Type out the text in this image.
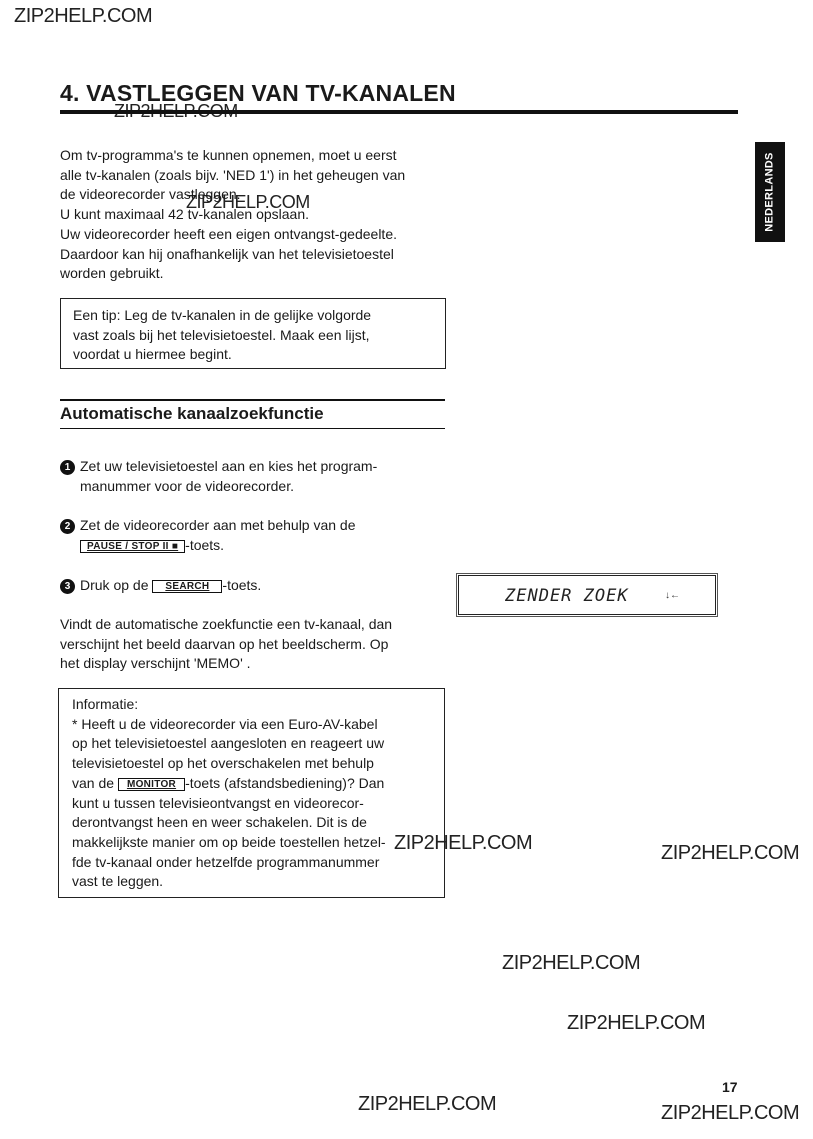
ZIP2HELP.COM
ZIP2HELP.COM
4. VASTLEGGEN VAN TV-KANALEN
NEDERLANDS
Om tv-programma's te kunnen opnemen, moet u eerst
alle tv-kanalen (zoals bijv. 'NED 1') in het geheugen van
de videorecorder vastleggen.
U kunt maximaal 42 tv-kanalen opslaan.
Uw videorecorder heeft een eigen ontvangst-gedeelte.
Daardoor kan hij onafhankelijk van het televisietoestel
worden gebruikt.
Een tip: Leg de tv-kanalen in de gelijke volgorde
vast zoals bij het televisietoestel. Maak een lijst,
voordat u hiermee begint.
Automatische kanaalzoekfunctie
1 Zet uw televisietoestel aan en kies het program-
manummer voor de videorecorder.
2 Zet de videorecorder aan met behulp van de
PAUSE / STOP II ■ -toets.
3 Druk op de SEARCH -toets.
ZENDER ZOEK	↓←
Vindt de automatische zoekfunctie een tv-kanaal, dan
verschijnt het beeld daarvan op het beeldscherm. Op
het display verschijnt 'MEMO' .
Informatie:
* Heeft u de videorecorder via een Euro-AV-kabel
op het televisietoestel aangesloten en reageert uw
televisietoestel op het overschakelen met behulp
van de MONITOR -toets (afstandsbediening)? Dan
kunt u tussen televisieontvangst en videorecor-
derontvangst heen en weer schakelen. Dit is de
makkelijkste manier om op beide toestellen hetzel-
fde tv-kanaal onder hetzelfde programmanummer
vast te leggen.
ZIP2HELP.COM	ZIP2HELP.COM
ZIP2HELP.COM
ZIP2HELP.COM
ZIP2HELP.COM	ZIP2HELP.COM
17
